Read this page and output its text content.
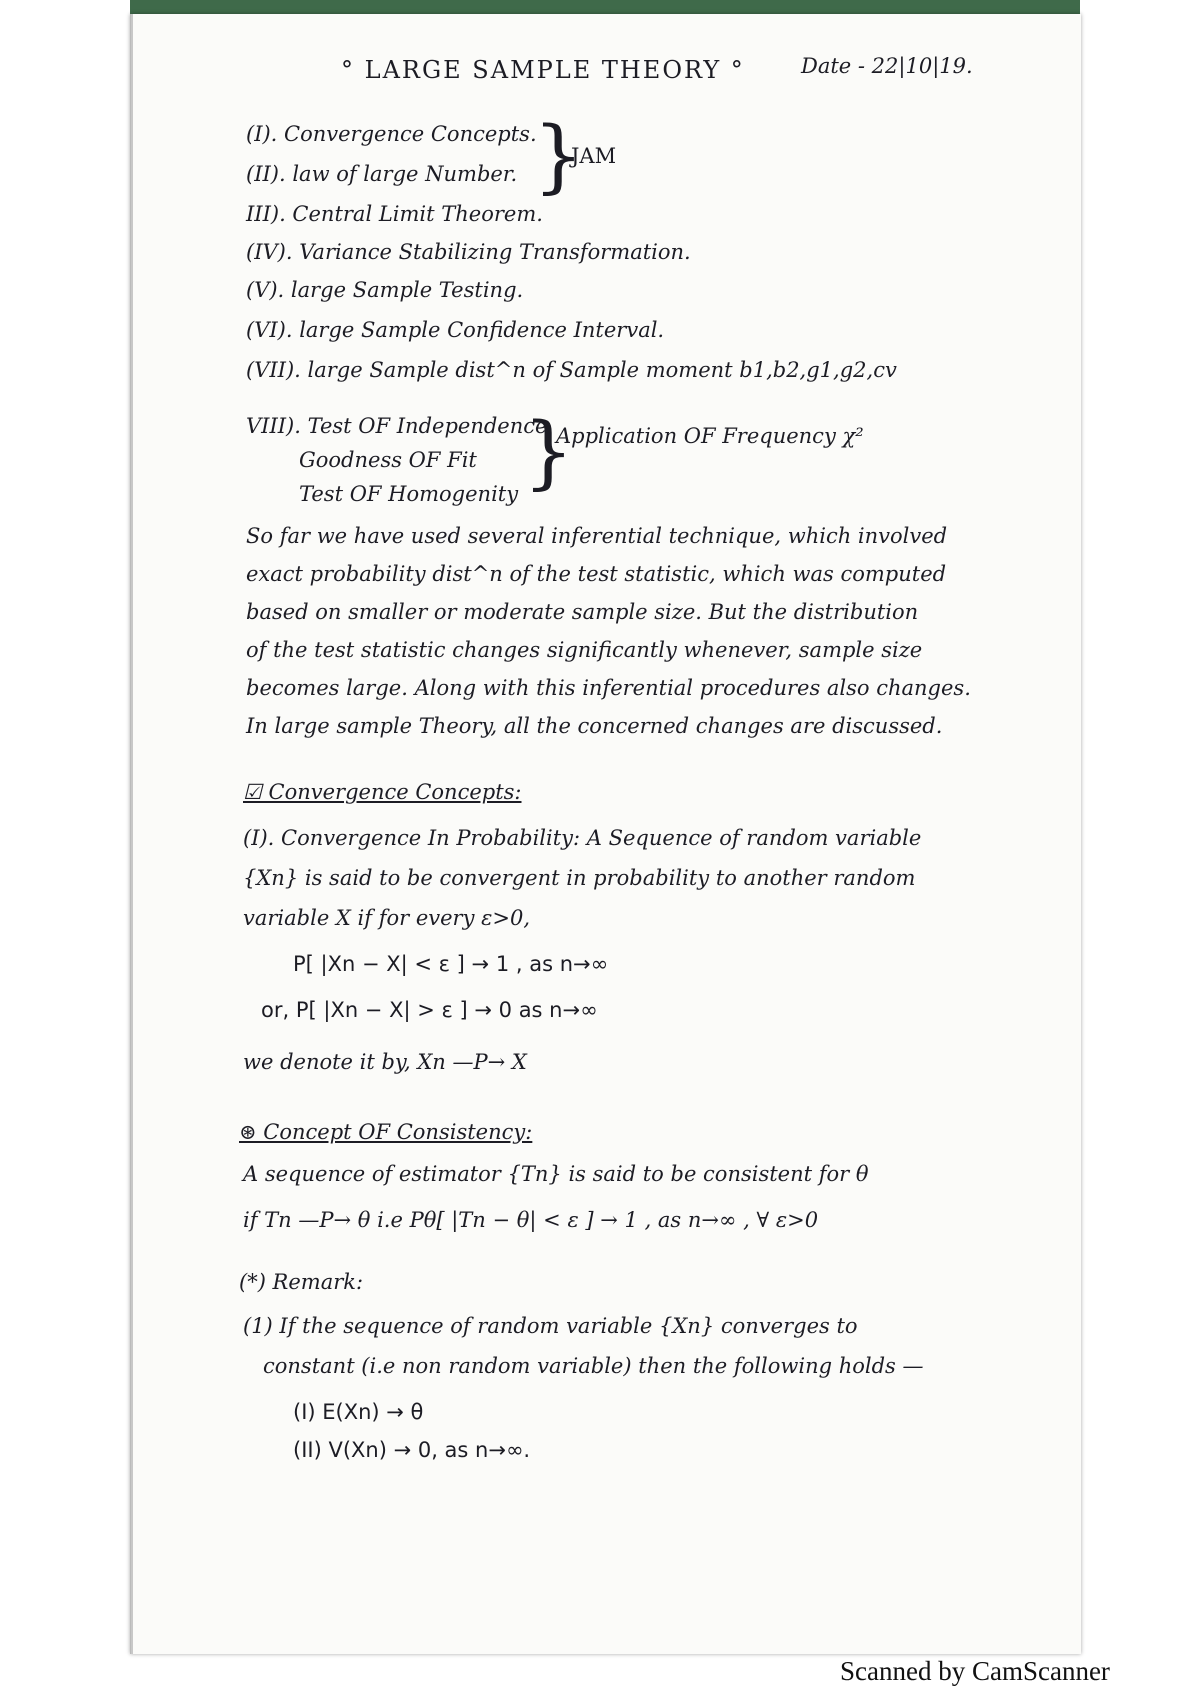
° LARGE SAMPLE THEORY °	Date - 22|10|19.
(I). Convergence Concepts.
(II). law of large Number.
III). Central Limit Theorem.
(IV). Variance Stabilizing Transformation.
(V). large Sample Testing.
(VI). large Sample Confidence Interval.
(VII). large Sample dist^n of Sample moment b1,b2,g1,g2,cv
}
JAM
VIII). Test OF Independence
Goodness OF Fit
Test OF Homogenity }
Application OF Frequency χ²
So far we have used several inferential technique, which involved
exact probability dist^n of the test statistic, which was computed
based on smaller or moderate sample size. But the distribution
of the test statistic changes significantly whenever, sample size
becomes large. Along with this inferential procedures also changes.
In large sample Theory, all the concerned changes are discussed.
☑ Convergence Concepts:
(I). Convergence In Probability: A Sequence of random variable
{Xn} is said to be convergent in probability to another random
variable X if for every ε>0,
P[ |Xn − X| < ε ] → 1 , as n→∞
or, P[ |Xn − X| > ε ] → 0 as n→∞
we denote it by, Xn —P→ X
⊛ Concept OF Consistency:
A sequence of estimator {Tn} is said to be consistent for θ
if Tn —P→ θ i.e Pθ[ |Tn − θ| < ε ] → 1 , as n→∞ , ∀ ε>0
(*) Remark:
(1) If the sequence of random variable {Xn} converges to
constant (i.e non random variable) then the following holds —
(I) E(Xn) → θ
(II) V(Xn) → 0, as n→∞.
Scanned by CamScanner
